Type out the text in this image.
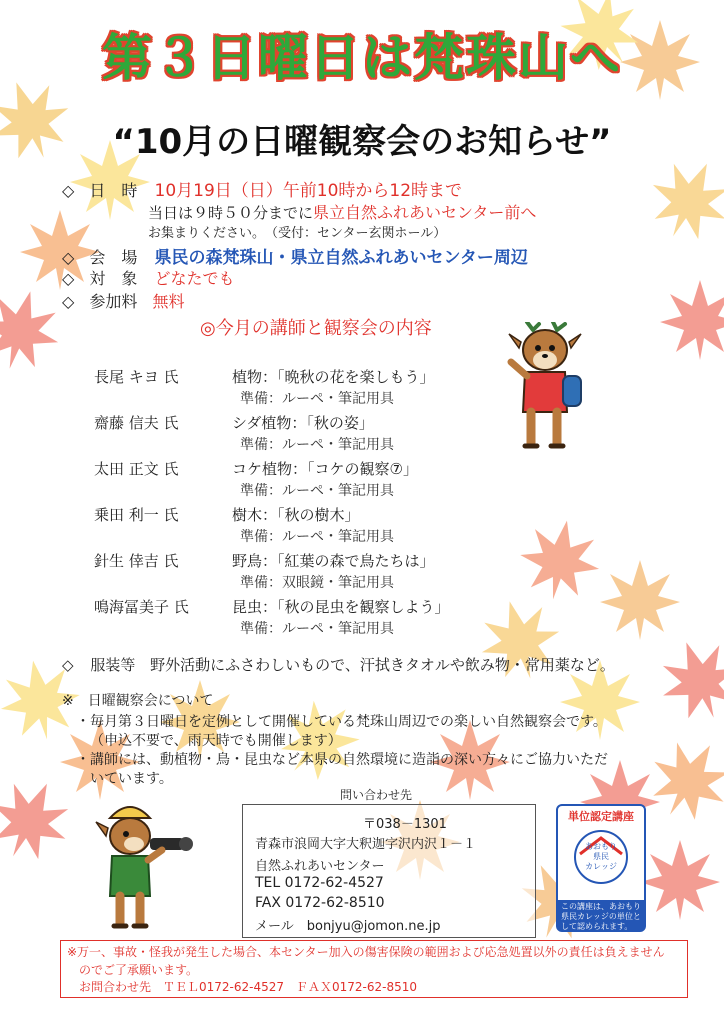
第３日曜日は梵珠山へ
“10月の日曜観察会のお知らせ”
◇ 日　時 10月19日（日）午前10時から12時まで
当日は９時５０分までに県立自然ふれあいセンター前へ
お集まりください。　（受付：センター玄関ホール）
◇ 会　場 県民の森梵珠山・県立自然ふれあいセンター周辺
◇ 対　象 どなたでも
◇ 参加料 無料
◎今月の講師と観察会の内容
長尾 キヨ 氏	植物：「晩秋の花を楽しもう」
準備：ルーペ・筆記用具
齋藤 信夫 氏	シダ植物：「秋の姿」
準備：ルーペ・筆記用具
太田 正文 氏	コケ植物：「コケの観察⑦」
準備：ルーペ・筆記用具
乗田 利一 氏	樹木：「秋の樹木」
準備：ルーペ・筆記用具
針生 倖吉 氏	野鳥：「紅葉の森で鳥たちは」
準備：双眼鏡・筆記用具
鳴海冨美子 氏	昆虫：「秋の昆虫を観察しよう」
準備：ルーペ・筆記用具
◇ 服装等 野外活動にふさわしいもので、汗拭きタオルや飲み物・常用薬など。
※　日曜観察会について
・毎月第３日曜日を定例として開催している梵珠山周辺での楽しい自然観察会です。
（申込不要で、雨天時でも開催します）
・講師には、動植物・鳥・昆虫など本県の自然環境に造詣の深い方々にご協力いただ
いています。
問い合わせ先
〒038－1301
青森市浪岡大字大釈迦字沢内沢１－１
自然ふれあいセンター
TEL 0172-62-4527
FAX 0172-62-8510
メール　bonjyu@jomon.ne.jp
単位認定講座
あおもり
県民
カレッジ
この講座は、あおもり県民カレッジの単位として認められます。
※万一、事故・怪我が発生した場合、本センター加入の傷害保険の範囲および応急処置以外の責任は負えません
のでご了承願います。
お問合わせ先　ＴＥＬ0172-62-4527　ＦＡＸ0172-62-8510
